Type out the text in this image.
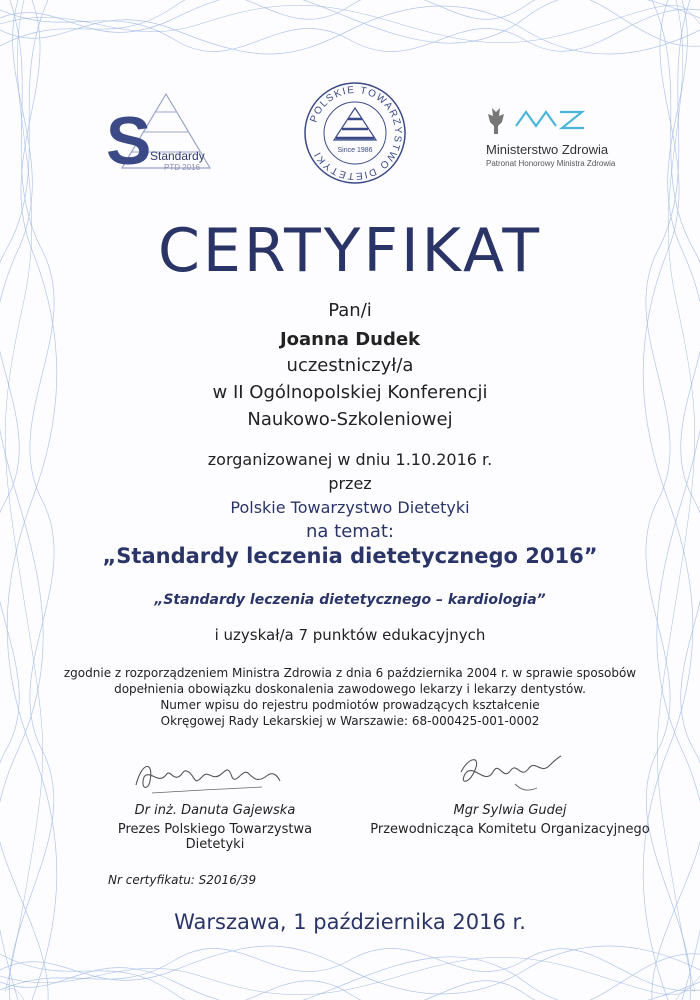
S
Standardy
PTD 2016
POLSKIE TOWARZYSTWO DIETETYKI	Since 1986	Ministerstwo Zdrowia
Patronat Honorowy Ministra Zdrowia
CERTYFIKAT
Pan/i
Joanna Dudek
uczestniczył/a
w II Ogólnopolskiej Konferencji
Naukowo-Szkoleniowej
zorganizowanej w dniu 1.10.2016 r.
przez
Polskie Towarzystwo Dietetyki
na temat:
„Standardy leczenia dietetycznego 2016”
„Standardy leczenia dietetycznego – kardiologia”
i uzyskał/a 7 punktów edukacyjnych
zgodnie z rozporządzeniem Ministra Zdrowia z dnia 6 października 2004 r. w sprawie sposobów
dopełnienia obowiązku doskonalenia zawodowego lekarzy i lekarzy dentystów.
Numer wpisu do rejestru podmiotów prowadzących kształcenie
Okręgowej Rady Lekarskiej w Warszawie: 68-000425-001-0002
Dr inż. Danuta Gajewska
Prezes Polskiego Towarzystwa Dietetyki
Mgr Sylwia Gudej
Przewodnicząca Komitetu Organizacyjnego
Nr certyfikatu: S2016/39
Warszawa, 1 października 2016 r.
